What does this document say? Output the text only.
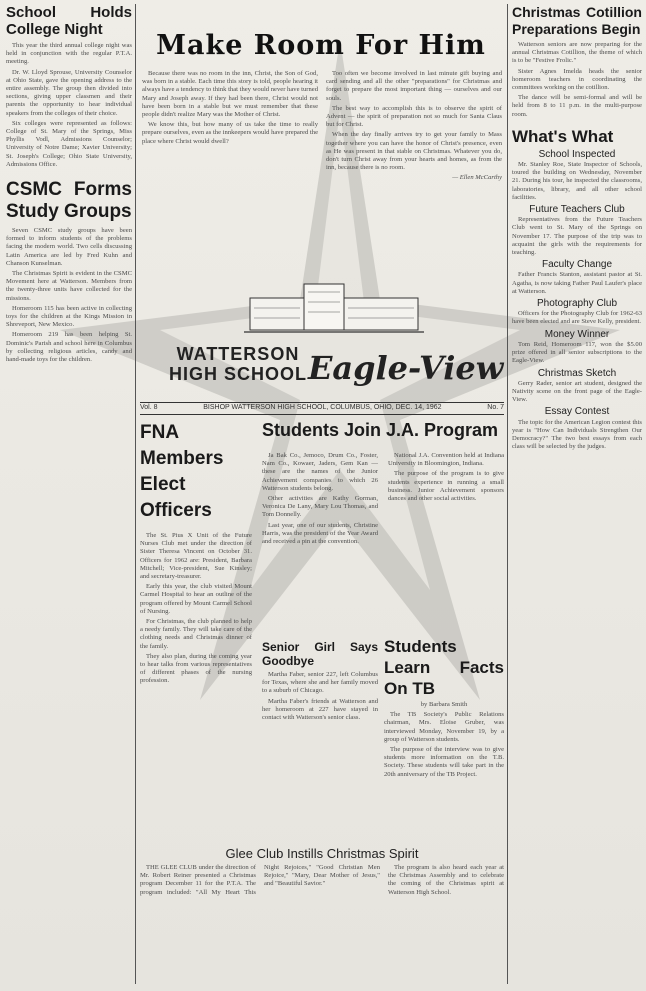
School Holds College Night

This year the third annual college night was held in conjunction with the regular P.T.A. meeting.

Dr. W. Lloyd Sprouse, University Counselor at Ohio State, gave the opening address to the entire assembly. The group then divided into sections, giving upper classmen and their parents the opportunity to hear individual speakers from the colleges of their choice.

Six colleges were represented as follows: College of St. Mary of the Springs, Miss Phyllis Vodl, Admissions Counselor; University of Notre Dame; Xavier University; St. Joseph's College; Ohio State University, Admissions Office.

CSMC Forms Study Groups

Seven CSMC study groups have been formed to inform students of the problems facing the modern world. Two cells discussing Latin America are led by Fred Kuhn and Chanson Kunselman.

The Christmas Spirit is evident in the CSMC Movement here at Watterson. Members from the twenty-three units have collected for the missions.

Homeroom 115 has been active in collecting toys for the children at the Kings Mission in Shreveport, New Mexico.

Homeroom 219 has been helping St. Dominic's Parish and school here in Columbus by collecting religious articles, candy and hand-made toys for the children.

Make Room For Him

Because there was no room in the inn, Christ, the Son of God, was born in a stable. Each time this story is told, people hearing it always have a tendency to think that they would never have turned Mary and Joseph away. If they had been there, Christ would not have been born in a stable but we must remember that these people didn't realize Mary was the Mother of Christ.

We know this, but how many of us take the time to really prepare ourselves, even as the innkeepers would have prepared the place where Christ would dwell?

Too often we become involved in last minute gift buying and card sending and all the other "preparations" for Christmas and forget to prepare the most important thing — ourselves and our souls.

The best way to accomplish this is to observe the spirit of Advent — the spirit of preparation not so much for Santa Claus but for Christ.

When the day finally arrives try to get your family to Mass together where you can have the honor of Christ's presence, even as He was present in that stable on Christmas. Whatever you do, don't turn Christ away from your hearts and homes, as from the inn, because there is no room.

— Ellen McCarthy

WATTERSON HIGH SCHOOL Eagle-View
Vol. 8	BISHOP WATTERSON HIGH SCHOOL, COLUMBUS, OHIO, DEC. 14, 1962	No. 7
FNA Members Elect Officers

The St. Pius X Unit of the Future Nurses Club met under the direction of Sister Theresa Vincent on October 31. Officers for 1962 are: President, Barbara Mitchell; Vice-president, Sue Kinsley; and secretary-treasurer.

Early this year, the club visited Mount Carmel Hospital to hear an outline of the program offered by Mount Carmel School of Nursing.

For Christmas, the club planned to help a needy family. They will take care of the clothing needs and Christmas dinner of the family.

They also plan, during the coming year to hear talks from various representatives of different phases of the nursing profession.

Students Join J.A. Program

Ja Bak Co., Jemoco, Drum Co., Foster, Nam Co., Kowaer, Jaders, Gem Kan — these are the names of the Junior Achievement companies to which 26 Watterson students belong.

Other activities are Kathy Gorman, Veronica De Lany, Mary Lou Thomas, and Tom Donnelly.

Last year, one of our students, Christine Harris, was the president of the Year Award and received a pin at the convention.

National J.A. Convention held at Indiana University in Bloomington, Indiana.

The purpose of the program is to give students experience in running a small business. Junior Achievement sponsors dances and other social activities.

Senior Girl Says Goodbye

Martha Faber, senior 227, left Columbus for Texas, where she and her family moved to a suburb of Chicago.

Martha Faber's friends at Watterson and her homeroom at 227 have stayed in contact with Watterson's senior class.

Students Learn Facts On TB
by Barbara Smith

The TB Society's Public Relations chairman, Mrs. Eloise Gruber, was interviewed Monday, November 19, by a group of Watterson students.

The purpose of the interview was to give students more information on the T.B. Society. These students will take part in the 20th anniversary of the TB Project.

Glee Club Instills Christmas Spirit

THE GLEE CLUB under the direction of Mr. Robert Reiner presented a Christmas program December 11 for the P.T.A. The program included: "All My Heart This Night Rejoices," "Good Christian Men Rejoice," "Mary, Dear Mother of Jesus," and "Beautiful Savior."

The program is also heard each year at the Christmas Assembly and to celebrate the coming of the Christmas spirit at Watterson High School.

Christmas Cotillion Preparations Begin

Watterson seniors are now preparing for the annual Christmas Cotillion, the theme of which is to be "Festive Frolic."

Sister Agnes Imelda heads the senior homeroom teachers in coordinating the committees working on the cotillion.

The dance will be semi-formal and will be held from 8 to 11 p.m. in the multi-purpose room.

What's What
School Inspected

Mr. Stanley Roe, State Inspector of Schools, toured the building on Wednesday, November 21. During his tour, he inspected the classrooms, laboratories, library, and all other school facilities.

Future Teachers Club

Representatives from the Future Teachers Club went to St. Mary of the Springs on November 17. The purpose of the trip was to acquaint the girls with the requirements for teaching.

Faculty Change

Father Francis Stanton, assistant pastor at St. Agatha, is now taking Father Paul Laufer's place at Watterson.

Photography Club

Officers for the Photography Club for 1962-63 have been elected and are Steve Kelly, president.

Money Winner

Tom Reid, Homeroom 117, won the $5.00 prize offered in all senior subscriptions to the Eagle-View.

Christmas Sketch

Gerry Rader, senior art student, designed the Nativity scene on the front page of the Eagle-View.

Essay Contest

The topic for the American Legion contest this year is "How Can Individuals Strengthen Our Democracy?" The two best essays from each class will be selected by the judges.
